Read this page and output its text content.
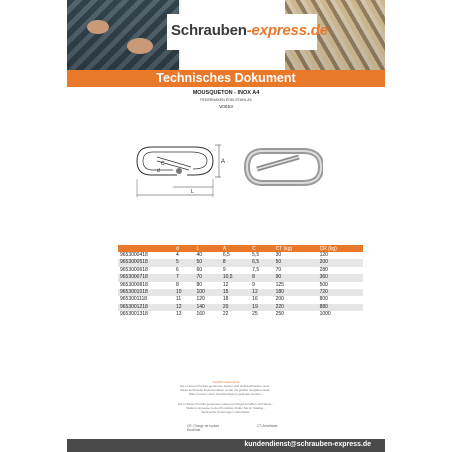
Schrauben-express.de
Technisches Dokument
MOUSQUETON - INOX A4
FEDERHAKEN EDELSTAHL A4
V0653
A
C
d
L
	d	L	A	C	CT (kg)	CR (kg)
9653000418	4	40	6,5	5,5	30	120
9653000518	5	50	8	6,5	50	200
9653000618	6	60	9	7,5	70	280
9653000718	7	70	10,5	8	90	360
9653000818	8	80	12	9	125	500
9653001018	10	100	15	12	180	720
9653001118	11	120	18	16	200	800
9653001218	12	140	20	19	220	880
9653001318	13	160	22	25	250	1000
Ausführungshinweis
Die in dieser Produkt genannten Lasten sind Gebrauchswerte unter...
Diese technische Dokumentation wurde mit größter Sorgfalt erstellt...
Daten können ohne Vorankündigung geändert werden...
Die in dieser Produkt genannten Lasten und Eigenschaften sind Werte...
Weitere Hinweise zu den Produkten finden Sie im Katalog...
Technische Änderungen vorbehalten.
CR: Charge de rupture
Bruchlast
CT: Arbeitslast
kundendienst@schrauben-express.de
